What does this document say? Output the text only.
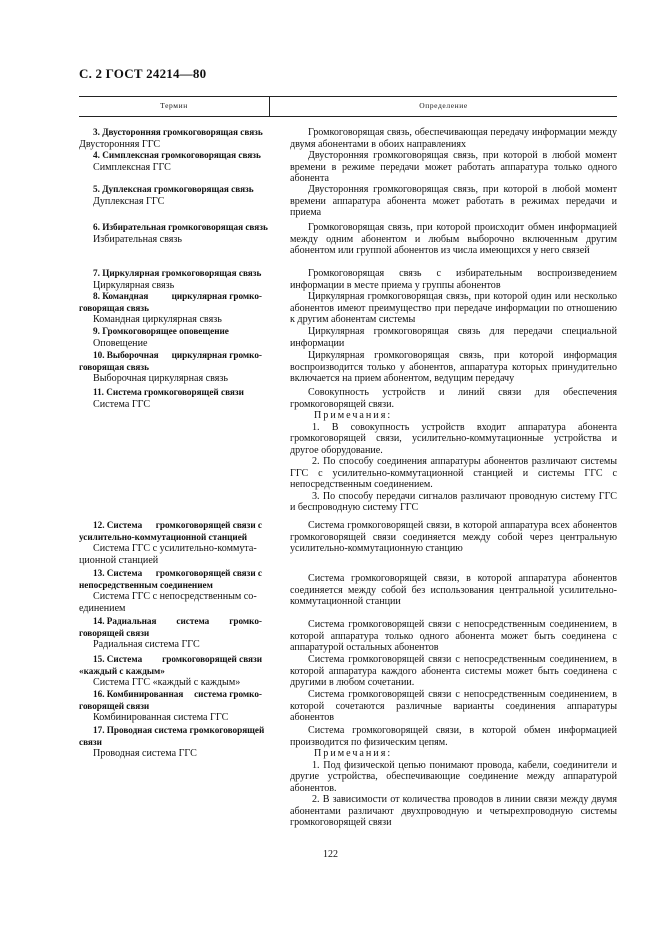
С. 2 ГОСТ 24214—80
Термин	Определение
3. Двусторонняя громкоговорящая связь
Двусторонняя ГГС

Громкоговорящая связь, обеспечивающая передачу информации между двумя абонентами в обоих направлениях

4. Симплексная громкоговорящая связь
Симплексная ГГС

Двусторонняя громкоговорящая связь, при которой в любой момент времени в режиме передачи может работать аппаратура только одного абонента

5. Дуплексная громкоговорящая связь
Дуплексная ГГС

Двусторонняя громкоговорящая связь, при которой в любой момент времени аппаратура абонента может работать в режимах передачи и приема

6. Избирательная громкоговорящая связь
Избирательная связь

Громкоговорящая связь, при которой происходит обмен информацией между одним абонентом и любым выборочно включенным другим абонентом или группой абонентов из числа имеющихся у него связей

7. Циркулярная громкоговорящая связь
Циркулярная связь

Громкоговорящая связь с избирательным воспроизведением информации в месте приема у группы абонентов

8. Командная	циркулярная громко-
говорящая связь
Командная циркулярная связь

Циркулярная громкоговорящая связь, при которой один или несколько абонентов имеют преимущество при передаче информации по отношению к другим абонентам системы

9. Громкоговорящее оповещение
Оповещение

Циркулярная громкоговорящая связь для передачи специальной информации

10. Выборочная циркулярная громко-
говорящая связь
Выборочная циркулярная связь

Циркулярная громкоговорящая связь, при которой информация воспроизводится только у абонентов, аппаратура которых принудительно включается на прием абонентом, ведущим передачу

11. Система громкоговорящей связи
Система ГГС

Совокупность устройств и линий связи для обеспечения громкоговорящей связи.

Примечания:

1. В совокупность устройств входит аппаратура абонента громкоговорящей связи, усилительно-коммутационные устройства и другое оборудование.

2. По способу соединения аппаратуры абонентов различают системы ГГС с усилительно-коммутационной станцией и системы ГГС с непосредственным соединением.

3. По способу передачи сигналов различают проводную систему ГГС и беспроводную систему ГГС

12. Система громкоговорящей связи с
усилительно-коммутационной станцией
Система ГГС с усилительно-коммута-
ционной станцией

Система громкоговорящей связи, в которой аппаратура всех абонентов громкоговорящей связи соединяется между собой через центральную усилительно-коммутационную станцию

13. Система громкоговорящей связи с
непосредственным соединением
Система ГГС с непосредственным со-
единением

Система громкоговорящей связи, в которой аппаратура абонентов соединяется между собой без использования центральной усилительно-коммутационной станции

14. Радиальная система громко-
говорящей связи
Радиальная система ГГС

Система громкоговорящей связи с непосредственным соединением, в которой аппаратура только одного абонента может быть соединена с аппаратурой остальных абонентов

15. Система громкоговорящей связи
«каждый с каждым»
Система ГГС «каждый с каждым»

Система громкоговорящей связи с непосредственным соединением, в которой аппаратура каждого абонента системы может быть соединена с другими в любом сочетании.

16. Комбинированная система громко-
говорящей связи
Комбинированная система ГГС

Система громкоговорящей связи с непосредственным соединением, в которой сочетаются различные варианты соединения аппаратуры абонентов

17. Проводная система громкоговорящей
связи
Проводная система ГГС

Система громкоговорящей связи, в которой обмен информацией производится по физическим цепям.

Примечания:

1. Под физической цепью понимают провода, кабели, соединители и другие устройства, обеспечивающие соединение между аппаратурой абонентов.

2. В зависимости от количества проводов в линии связи между двумя абонентами различают двухпроводную и четырехпроводную системы громкоговорящей связи

122
